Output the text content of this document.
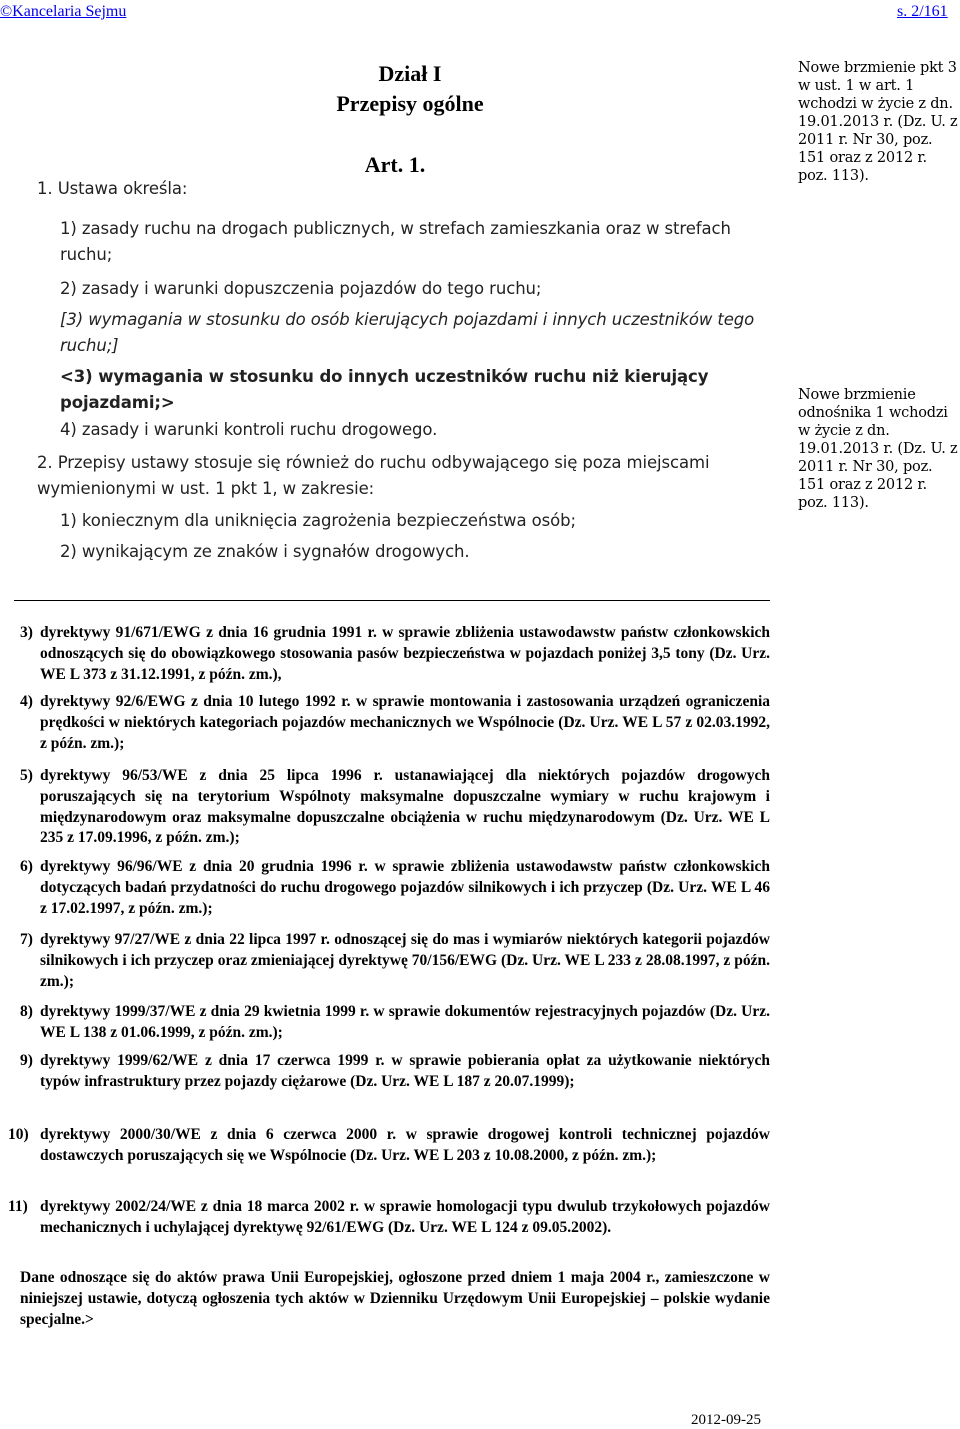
©Kancelaria Sejmu	s. 2/161
Dział I
Przepisy ogólne
Art. 1.
1. Ustawa określa:
1) zasady ruchu na drogach publicznych, w strefach zamieszkania oraz w strefach ruchu;
2) zasady i warunki dopuszczenia pojazdów do tego ruchu;
[3) wymagania w stosunku do osób kierujących pojazdami i innych uczestników tego ruchu;]
<3) wymagania w stosunku do innych uczestników ruchu niż kierujący pojazdami;>
4) zasady i warunki kontroli ruchu drogowego.
2. Przepisy ustawy stosuje się również do ruchu odbywającego się poza miejscami wymienionymi w ust. 1 pkt 1, w zakresie:
1) koniecznym dla uniknięcia zagrożenia bezpieczeństwa osób;
2) wynikającym ze znaków i sygnałów drogowych.
Nowe brzmienie pkt 3 w ust. 1 w art. 1 wchodzi w życie z dn. 19.01.2013 r. (Dz. U. z 2011 r. Nr 30, poz. 151 oraz z 2012 r. poz. 113).
Nowe brzmienie odnośnika 1 wchodzi w życie z dn. 19.01.2013 r. (Dz. U. z 2011 r. Nr 30, poz. 151 oraz z 2012 r. poz. 113).
3) dyrektywy 91/671/EWG z dnia 16 grudnia 1991 r. w sprawie zbliżenia ustawodawstw państw członkowskich odnoszących się do obowiązkowego stosowania pasów bezpieczeństwa w pojazdach poniżej 3,5 tony (Dz. Urz. WE L 373 z 31.12.1991, z późn. zm.),
4) dyrektywy 92/6/EWG z dnia 10 lutego 1992 r. w sprawie montowania i zastosowania urządzeń ograniczenia prędkości w niektórych kategoriach pojazdów mechanicznych we Wspólnocie (Dz. Urz. WE L 57 z 02.03.1992, z późn. zm.);
5) dyrektywy 96/53/WE z dnia 25 lipca 1996 r. ustanawiającej dla niektórych pojazdów drogowych poruszających się na terytorium Wspólnoty maksymalne dopuszczalne wymiary w ruchu krajowym i międzynarodowym oraz maksymalne dopuszczalne obciążenia w ruchu międzynarodowym (Dz. Urz. WE L 235 z 17.09.1996, z późn. zm.);
6) dyrektywy 96/96/WE z dnia 20 grudnia 1996 r. w sprawie zbliżenia ustawodawstw państw członkowskich dotyczących badań przydatności do ruchu drogowego pojazdów silnikowych i ich przyczep (Dz. Urz. WE L 46 z 17.02.1997, z późn. zm.);
7) dyrektywy 97/27/WE z dnia 22 lipca 1997 r. odnoszącej się do mas i wymiarów niektórych kategorii pojazdów silnikowych i ich przyczep oraz zmieniającej dyrektywę 70/156/EWG (Dz. Urz. WE L 233 z 28.08.1997, z późn. zm.);
8) dyrektywy 1999/37/WE z dnia 29 kwietnia 1999 r. w sprawie dokumentów rejestracyjnych pojazdów (Dz. Urz. WE L 138 z 01.06.1999, z późn. zm.);
9) dyrektywy 1999/62/WE z dnia 17 czerwca 1999 r. w sprawie pobierania opłat za użytkowanie niektórych typów infrastruktury przez pojazdy ciężarowe (Dz. Urz. WE L 187 z 20.07.1999);
10) dyrektywy 2000/30/WE z dnia 6 czerwca 2000 r. w sprawie drogowej kontroli technicznej pojazdów dostawczych poruszających się we Wspólnocie (Dz. Urz. WE L 203 z 10.08.2000, z późn. zm.);
11) dyrektywy 2002/24/WE z dnia 18 marca 2002 r. w sprawie homologacji typu dwulub trzykołowych pojazdów mechanicznych i uchylającej dyrektywę 92/61/EWG (Dz. Urz. WE L 124 z 09.05.2002).
Dane odnoszące się do aktów prawa Unii Europejskiej, ogłoszone przed dniem 1 maja 2004 r., zamieszczone w niniejszej ustawie, dotyczą ogłoszenia tych aktów w Dzienniku Urzędowym Unii Europejskiej – polskie wydanie specjalne.>
2012-09-25
